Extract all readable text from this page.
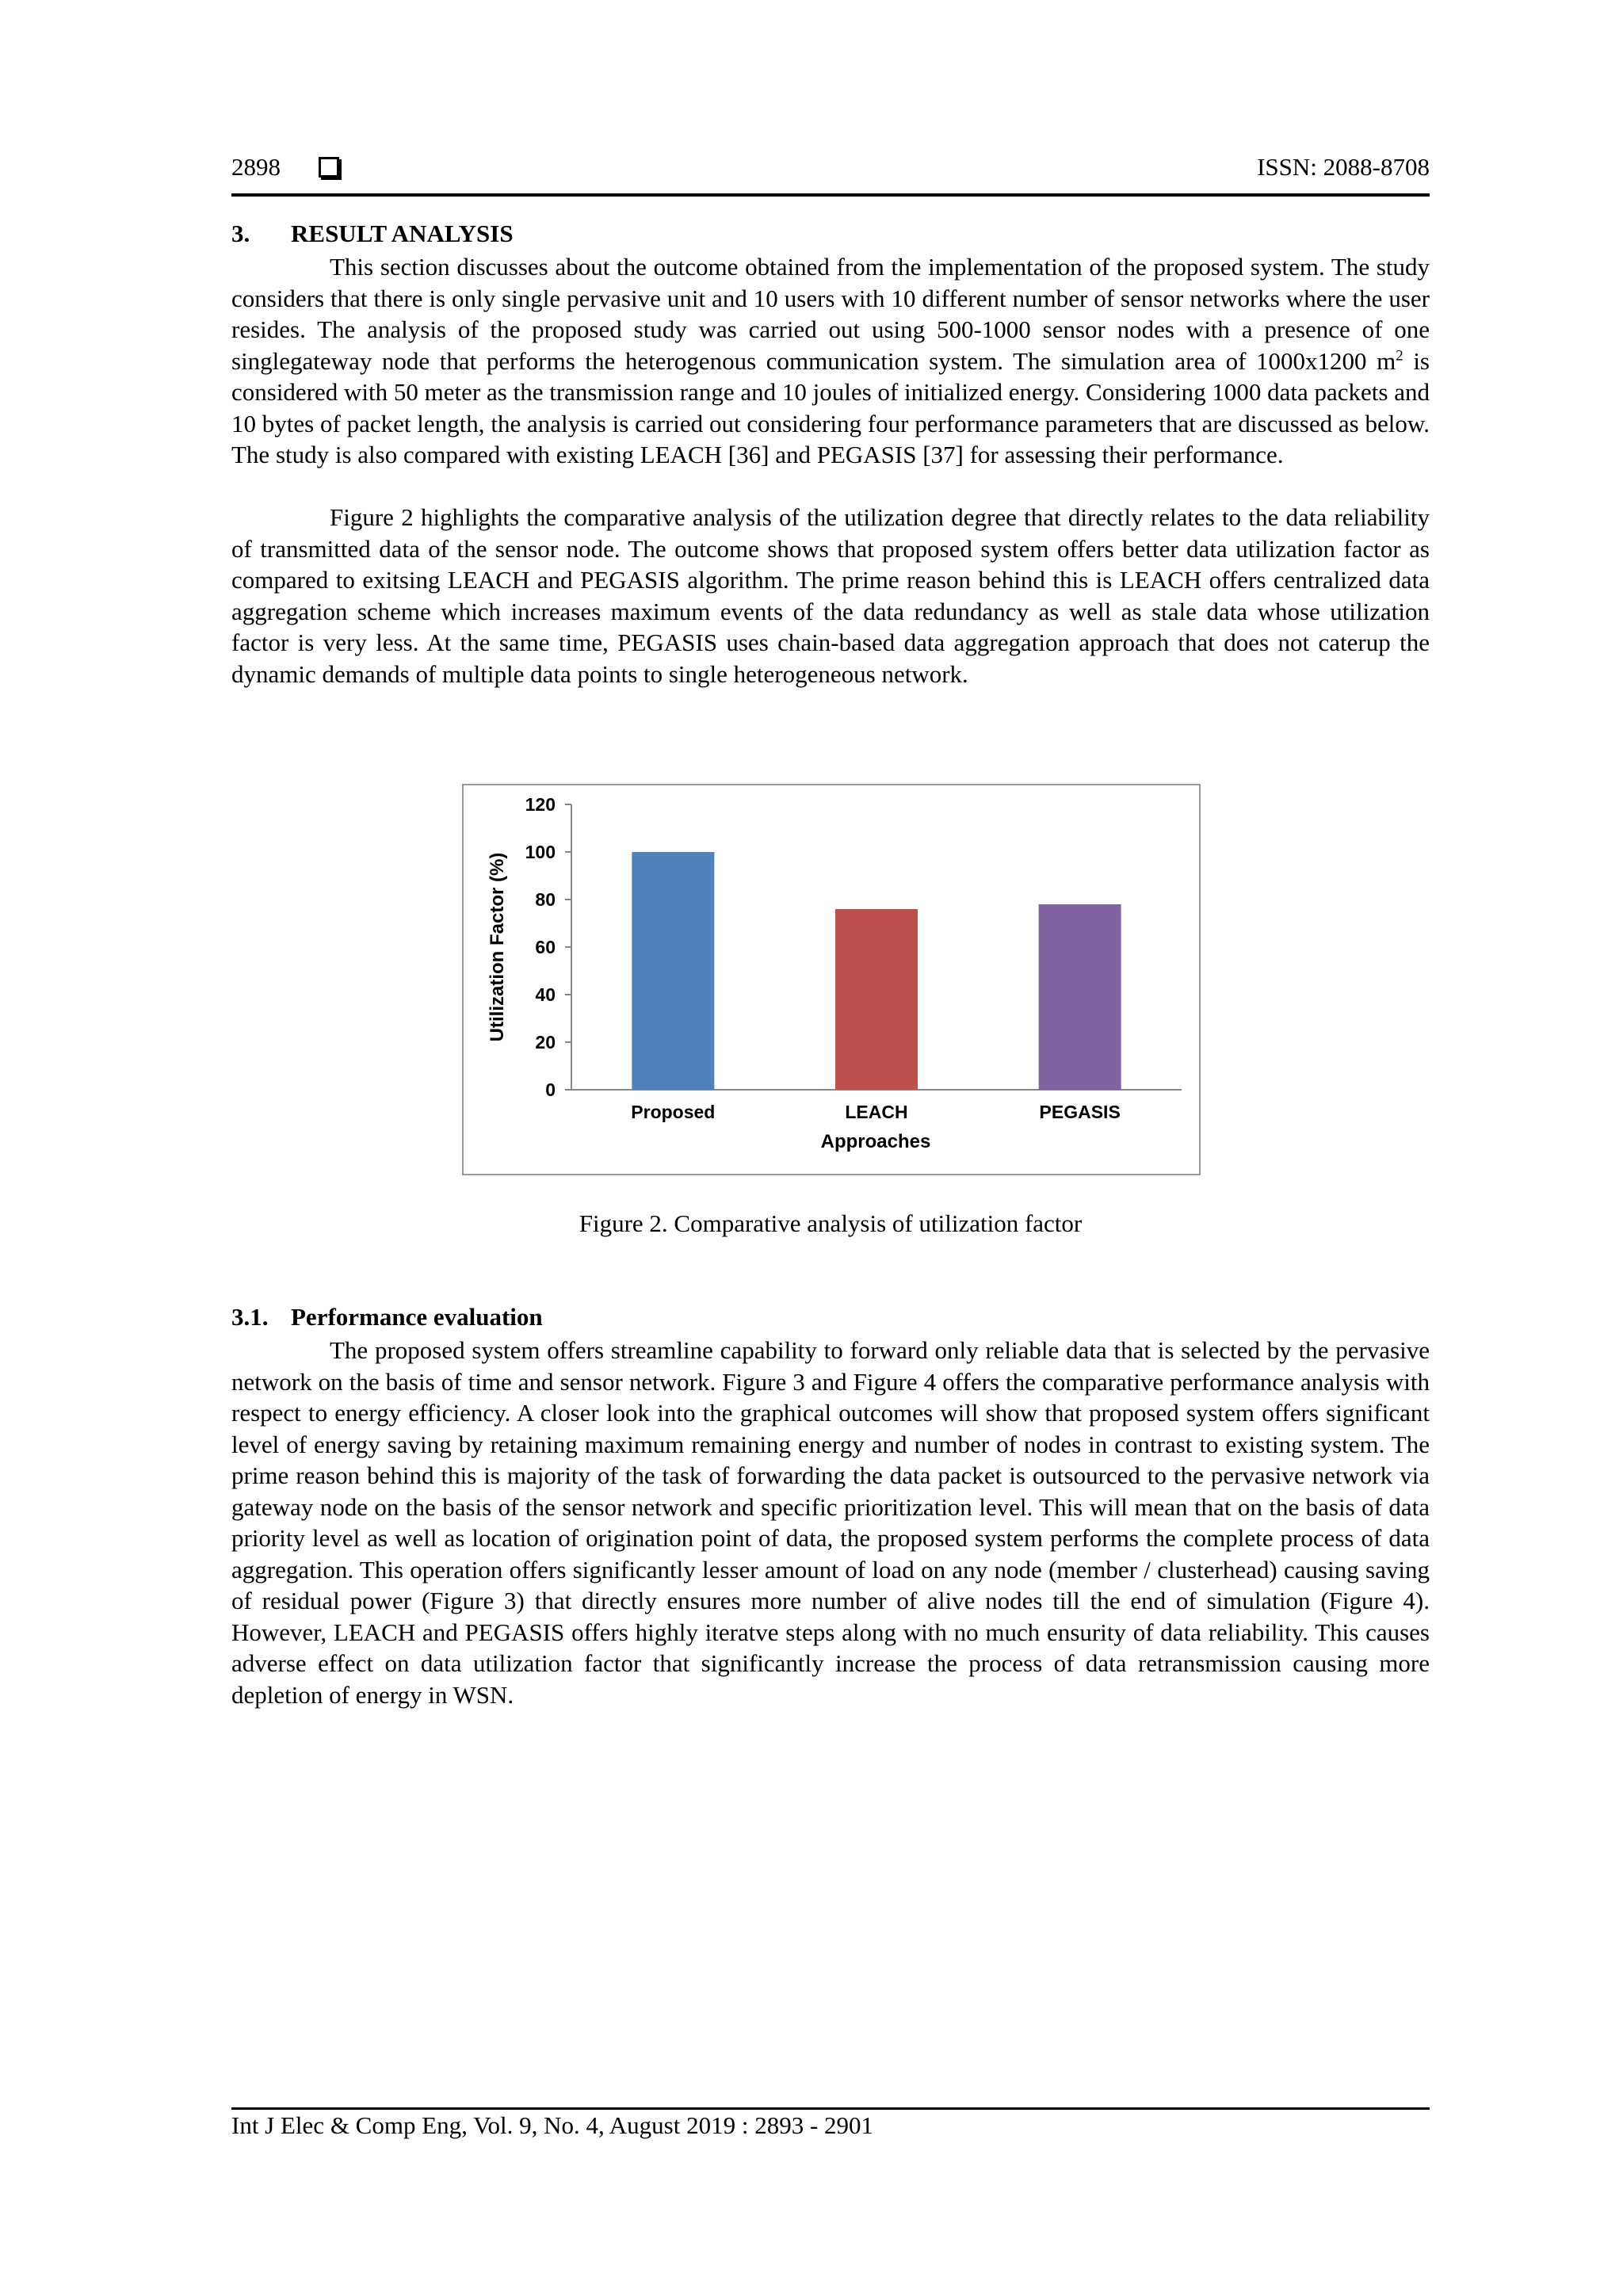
2898	ISSN: 2088-8708
3. RESULT ANALYSIS
This section discusses about the outcome obtained from the implementation of the proposed system. The study considers that there is only single pervasive unit and 10 users with 10 different number of sensor networks where the user resides. The analysis of the proposed study was carried out using 500-1000 sensor nodes with a presence of one singlegateway node that performs the heterogenous communication system. The simulation area of 1000x1200 $m^2$ is considered with 50 meter as the transmission range and 10 joules of initialized energy. Considering 1000 data packets and 10 bytes of packet length, the analysis is carried out considering four performance parameters that are discussed as below. The study is also compared with existing LEACH [36] and PEGASIS [37] for assessing their performance.
Figure 2 highlights the comparative analysis of the utilization degree that directly relates to the data reliability of transmitted data of the sensor node. The outcome shows that proposed system offers better data utilization factor as compared to exitsing LEACH and PEGASIS algorithm. The prime reason behind this is LEACH offers centralized data aggregation scheme which increases maximum events of the data redundancy as well as stale data whose utilization factor is very less. At the same time, PEGASIS uses chain-based data aggregation approach that does not caterup the dynamic demands of multiple data points to single heterogeneous network.
0
20
40
60
80
100
120
Proposed	LEACH	PEGASIS
Utilization Factor (%)
Approaches
Figure 2. Comparative analysis of utilization factor
3.1. Performance evaluation
The proposed system offers streamline capability to forward only reliable data that is selected by the pervasive network on the basis of time and sensor network. Figure 3 and Figure 4 offers the comparative performance analysis with respect to energy efficiency. A closer look into the graphical outcomes will show that proposed system offers significant level of energy saving by retaining maximum remaining energy and number of nodes in contrast to existing system. The prime reason behind this is majority of the task of forwarding the data packet is outsourced to the pervasive network via gateway node on the basis of the sensor network and specific prioritization level. This will mean that on the basis of data priority level as well as location of origination point of data, the proposed system performs the complete process of data aggregation. This operation offers significantly lesser amount of load on any node (member / clusterhead) causing saving of residual power (Figure 3) that directly ensures more number of alive nodes till the end of simulation (Figure 4). However, LEACH and PEGASIS offers highly iteratve steps along with no much ensurity of data reliability. This causes adverse effect on data utilization factor that significantly increase the process of data retransmission causing more depletion of energy in WSN.
Int J Elec & Comp Eng, Vol. 9, No. 4, August 2019 : 2893 - 2901
